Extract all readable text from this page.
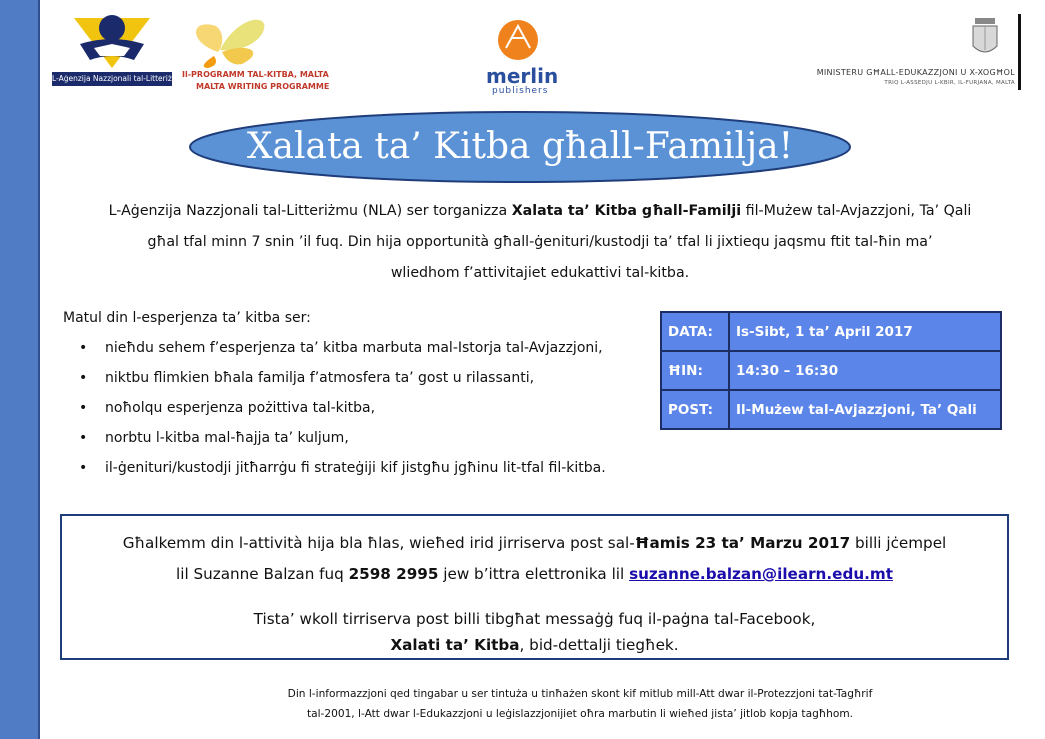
L-Aġenzija Nazzjonali tal-Litteriżmu
Il-PROGRAMM TAL-KITBA, MALTA
MALTA WRITING PROGRAMME	merlin
publishers
MINISTERU GĦALL-EDUKAZZJONI U X-XOGĦOL
TRIQ L-ASSEDJU L-KBIR, IL-FURJANA, MALTA
Xalata ta’ Kitba għall-Familja!
L-Aġenzija Nazzjonali tal-Litteriżmu (NLA) ser torganizza Xalata ta’ Kitba għall-Familji fil-Mużew tal-Avjazzjoni, Ta’ Qali
għal tfal minn 7 snin ’il fuq. Din hija opportunità għall-ġenituri/kustodji ta’ tfal li jixtiequ jaqsmu ftit tal-ħin ma’
wliedhom f’attivitajiet edukattivi tal-kitba.
Matul din l-esperjenza ta’ kitba ser:
• nieħdu sehem f’esperjenza ta’ kitba marbuta mal-Istorja tal-Avjazzjoni,
• niktbu flimkien bħala familja f’atmosfera ta’ gost u rilassanti,
• noħolqu esperjenza pożittiva tal-kitba,
• norbtu l-kitba mal-ħajja ta’ kuljum,
• il-ġenituri/kustodji jitħarrġu fi strateġiji kif jistgħu jgħinu lit-tfal fil-kitba.
DATA:	Is-Sibt, 1 ta’ April 2017
ĦIN:	14:30 – 16:30
POST:	Il-Mużew tal-Avjazzjoni, Ta’ Qali
Għalkemm din l-attività hija bla ħlas, wieħed irid jirriserva post sal-Ħamis 23 ta’ Marzu 2017 billi jċempel
lil Suzanne Balzan fuq 2598 2995 jew b’ittra elettronika lil suzanne.balzan@ilearn.edu.mt
Tista’ wkoll tirriserva post billi tibgħat messaġġ fuq il-paġna tal-Facebook,
Xalati ta’ Kitba, bid-dettalji tiegħek.
Din l-informazzjoni qed tingabar u ser tintuża u tinħażen skont kif mitlub mill-Att dwar il-Protezzjoni tat-Tagħrif
tal-2001, l-Att dwar l-Edukazzjoni u leġislazzjonijiet oħra marbutin li wieħed jista’ jitlob kopja tagħhom.
